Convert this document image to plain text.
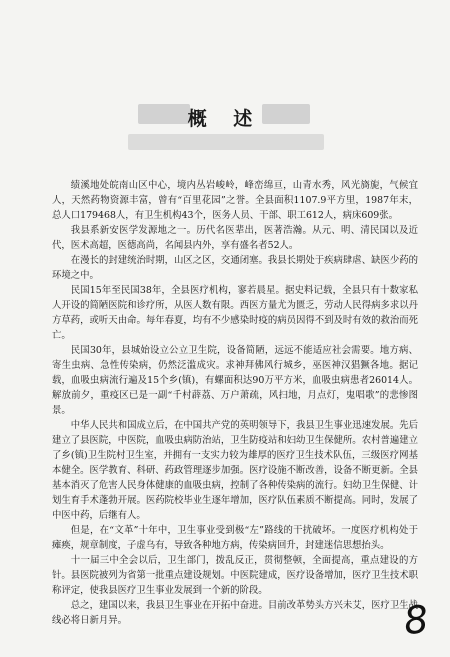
概 述

绩溪地处皖南山区中心，境内丛岩峻岭，峰峦绵亘，山青水秀，风光旖旎，气候宜人，天然药物资源丰富，曾有“百里花园”之誉。全县面积1107.9平方里，1987年末，总人口179468人，有卫生机构43个，医务人员、干部、职工612人，病床609张。

我县系新安医学发源地之一。历代名医辈出，医著浩瀚。从元、明、清民国以及近代，医术高超，医德高尚，名闻县内外，享有盛名者52人。

在漫长的封建统治时期，山区之区，交通闭塞。我县长期处于疾病肆虐、缺医少药的环境之中。

民国15年至民国38年，全县医疗机构，寥若晨星。据史料记载，全县只有十数家私人开设的简陋医院和诊疗所，从医人数有限。西医方量尤为匮乏，劳动人民得病多求以丹方草药，或听天由命。每年春夏，均有不少感染时疫的病员因得不到及时有效的救治而死亡。

民国30年，县城始设立公立卫生院，设备简陋，远远不能适应社会需要。地方病、寄生虫病、急性传染病，仍然泛滥成灾。求神拜佛风行城乡，巫医神汉猖獗各地。据记载，血吸虫病流行遍及15个乡(镇)，有螺面积达90万平方米，血吸虫病患者26014人。解放前夕，重疫区已是一副“千村薜荔、万户萧疏，风扫地，月点灯，鬼唱歌”的悲惨图景。

中华人民共和国成立后，在中国共产党的英明领导下，我县卫生事业迅速发展。先后建立了县医院，中医院，血吸虫病防治站，卫生防疫站和妇幼卫生保健所。农村普遍建立了乡(镇)卫生院村卫生室，并拥有一支实力较为雄厚的医疗卫生技术队伍，三级医疗网基本健全。医学教育、科研、药政管理逐步加强。医疗设施不断改善，设备不断更新。全县基本消灭了危害人民身体健康的血吸虫病，控制了各种传染病的流行。妇幼卫生保健、计划生育手术蓬勃开展。医药院校毕业生逐年增加，医疗队伍素质不断提高。同时，发展了中医中药，后继有人。

但是，在“文革”十年中，卫生事业受到极“左”路线的干扰破坏。一度医疗机构处于瘫痪，规章制度，子虚乌有，导致各种地方病，传染病回升，封建迷信思想抬头。

十一届三中全会以后，卫生部门，拨乱反正，贯彻整顿，全面提高，重点建设的方针。县医院被列为省第一批重点建设规划。中医院建成，医疗设备增加，医疗卫生技术职称评定，使我县医疗卫生事业发展到一个新的阶段。

总之，建国以来，我县卫生事业在开拓中奋进。目前改革势头方兴未艾，医疗卫生战线必将日新月异。	8
